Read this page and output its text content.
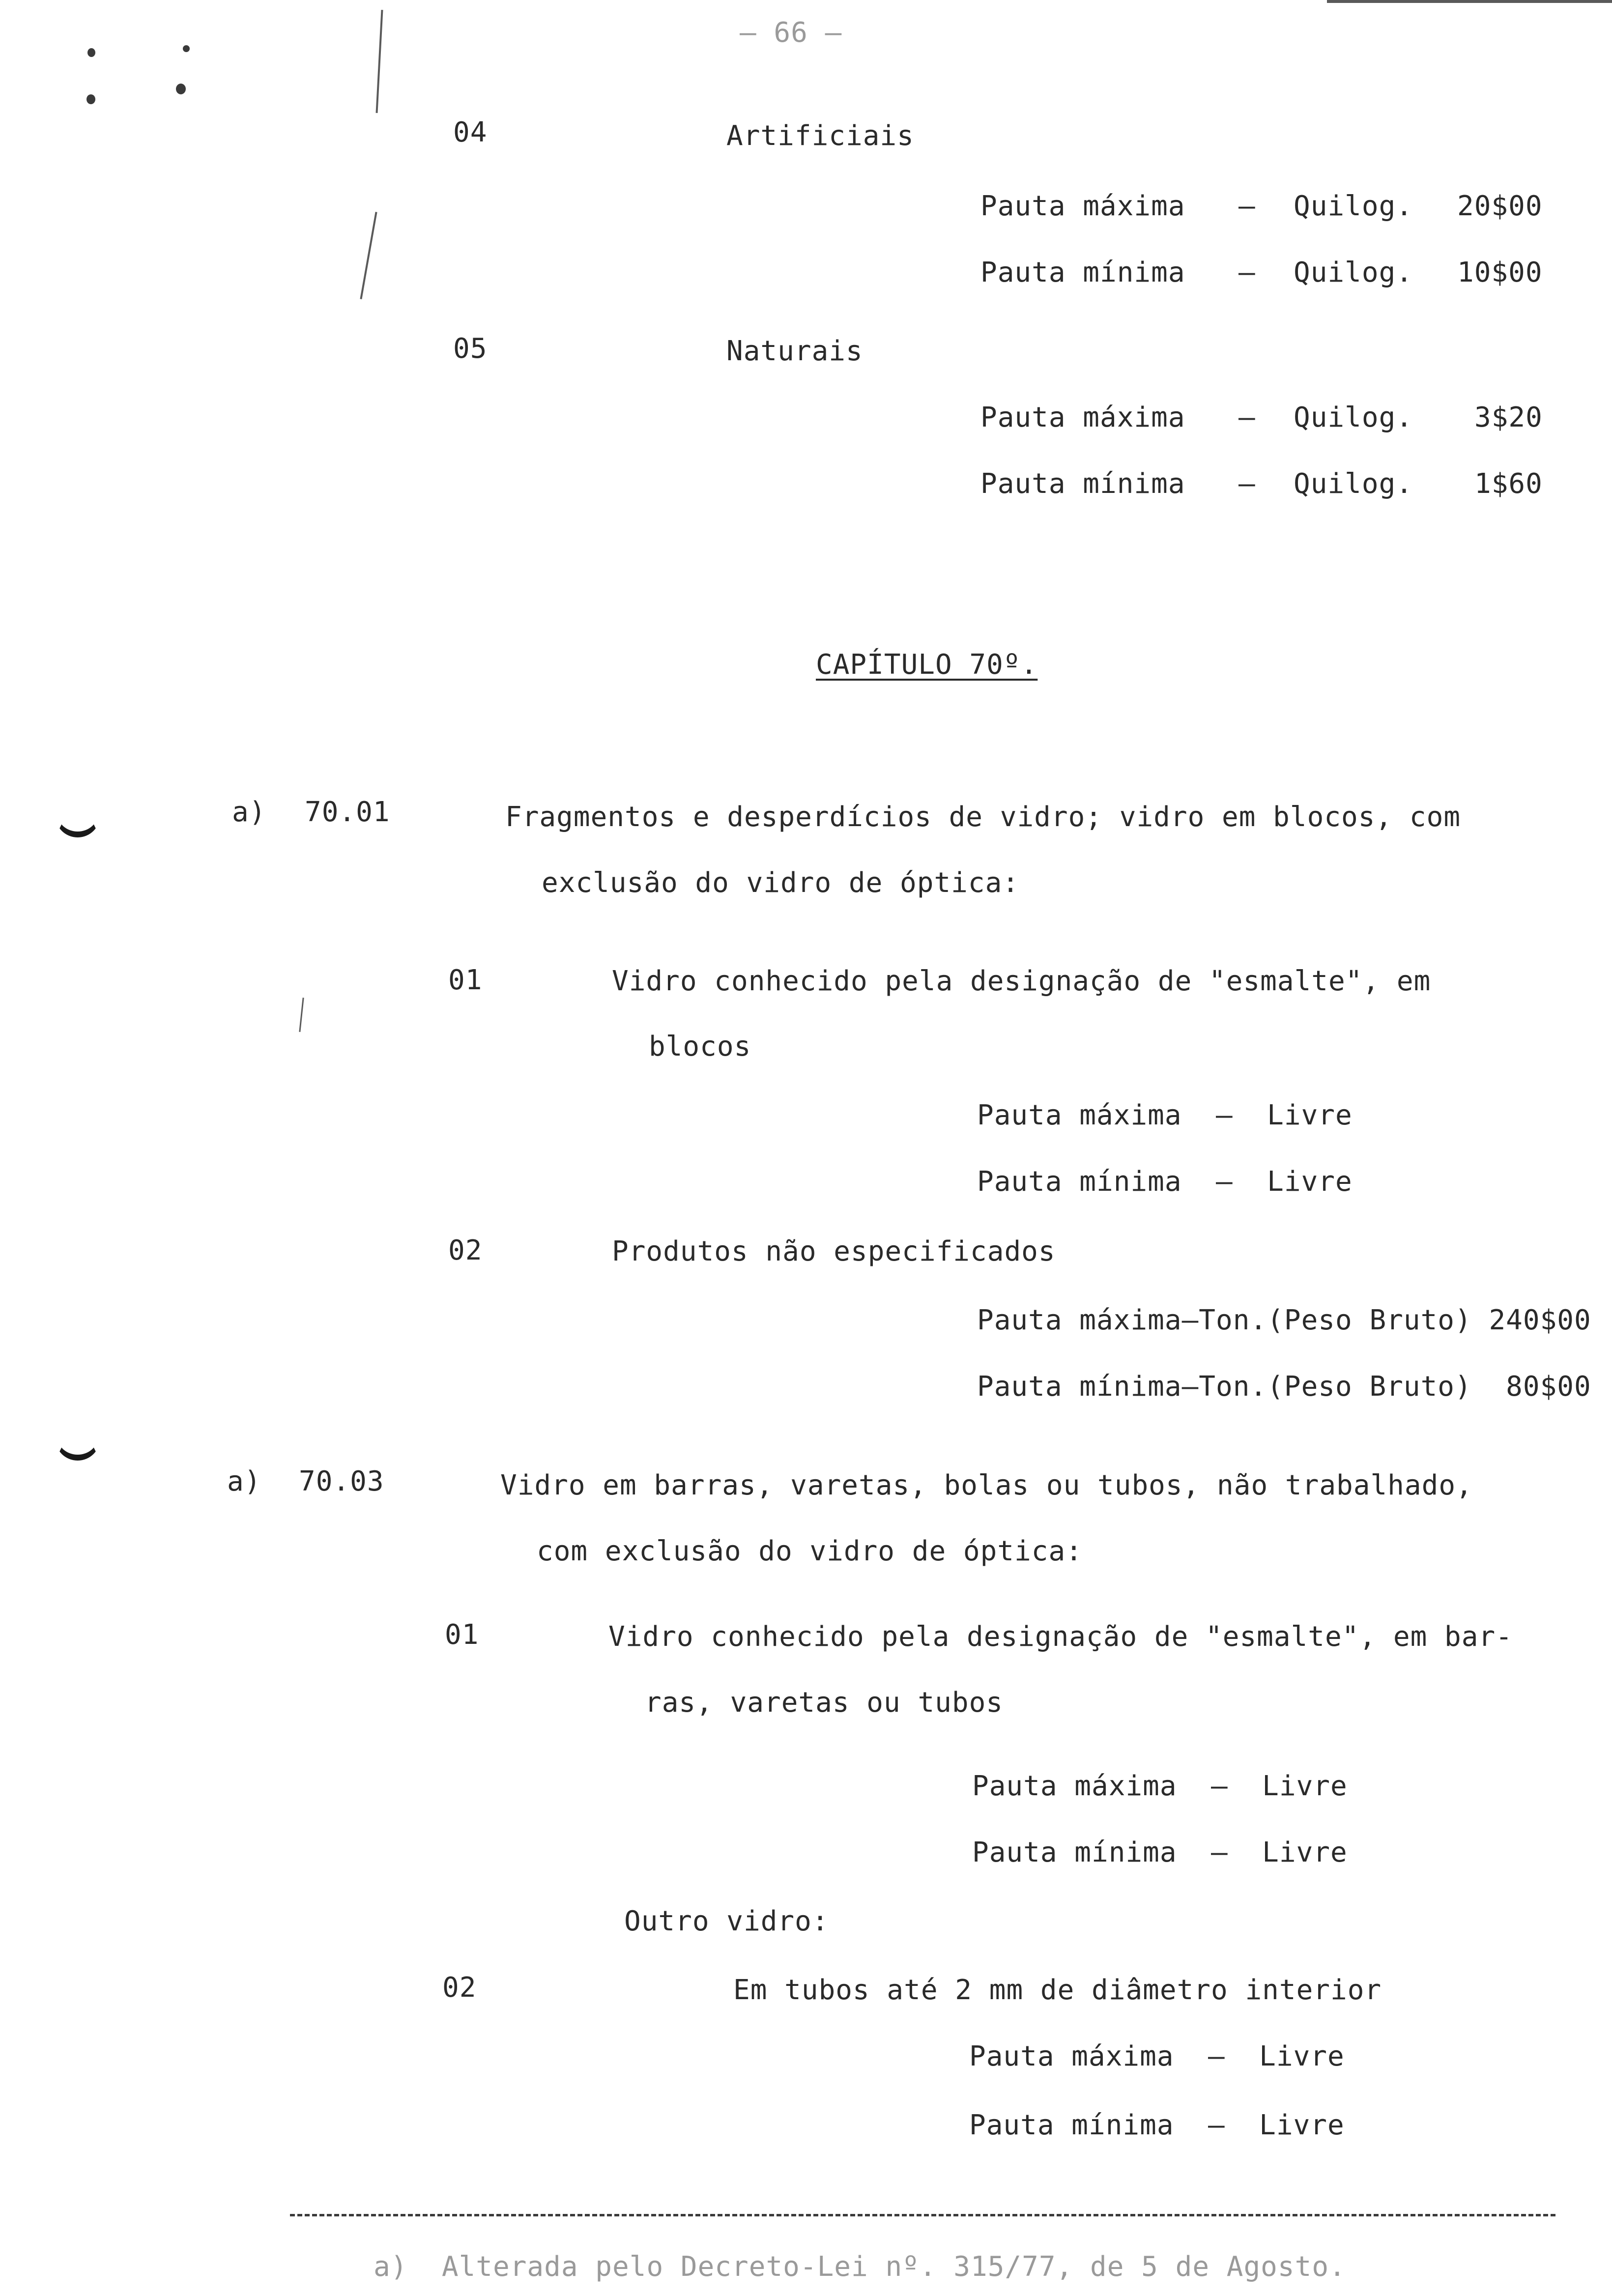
— 66 —
04	Artificiais
Pauta máxima – Quilog. 20$00
Pauta mínima – Quilog. 10$00
05	Naturais
Pauta máxima – Quilog. 3$20
Pauta mínima – Quilog. 1$60
CAPÍTULO 70º.
a) 70.01	Fragmentos e desperdícios de vidro; vidro em blocos, com
exclusão do vidro de óptica:
01	Vidro conhecido pela designação de "esmalte", em
blocos
Pauta máxima  –  Livre
Pauta mínima  –  Livre
02	Produtos não especificados
Pauta máxima–Ton.(Peso Bruto) 240$00
Pauta mínima–Ton.(Peso Bruto)  80$00
a) 70.03	Vidro em barras, varetas, bolas ou tubos, não trabalhado,
com exclusão do vidro de óptica:
01	Vidro conhecido pela designação de "esmalte", em bar-
ras, varetas ou tubos
Pauta máxima  –  Livre
Pauta mínima  –  Livre
Outro vidro:
02	Em tubos até 2 mm de diâmetro interior
Pauta máxima  –  Livre
Pauta mínima  –  Livre
a)  Alterada pelo Decreto-Lei nº. 315/77, de 5 de Agosto.
